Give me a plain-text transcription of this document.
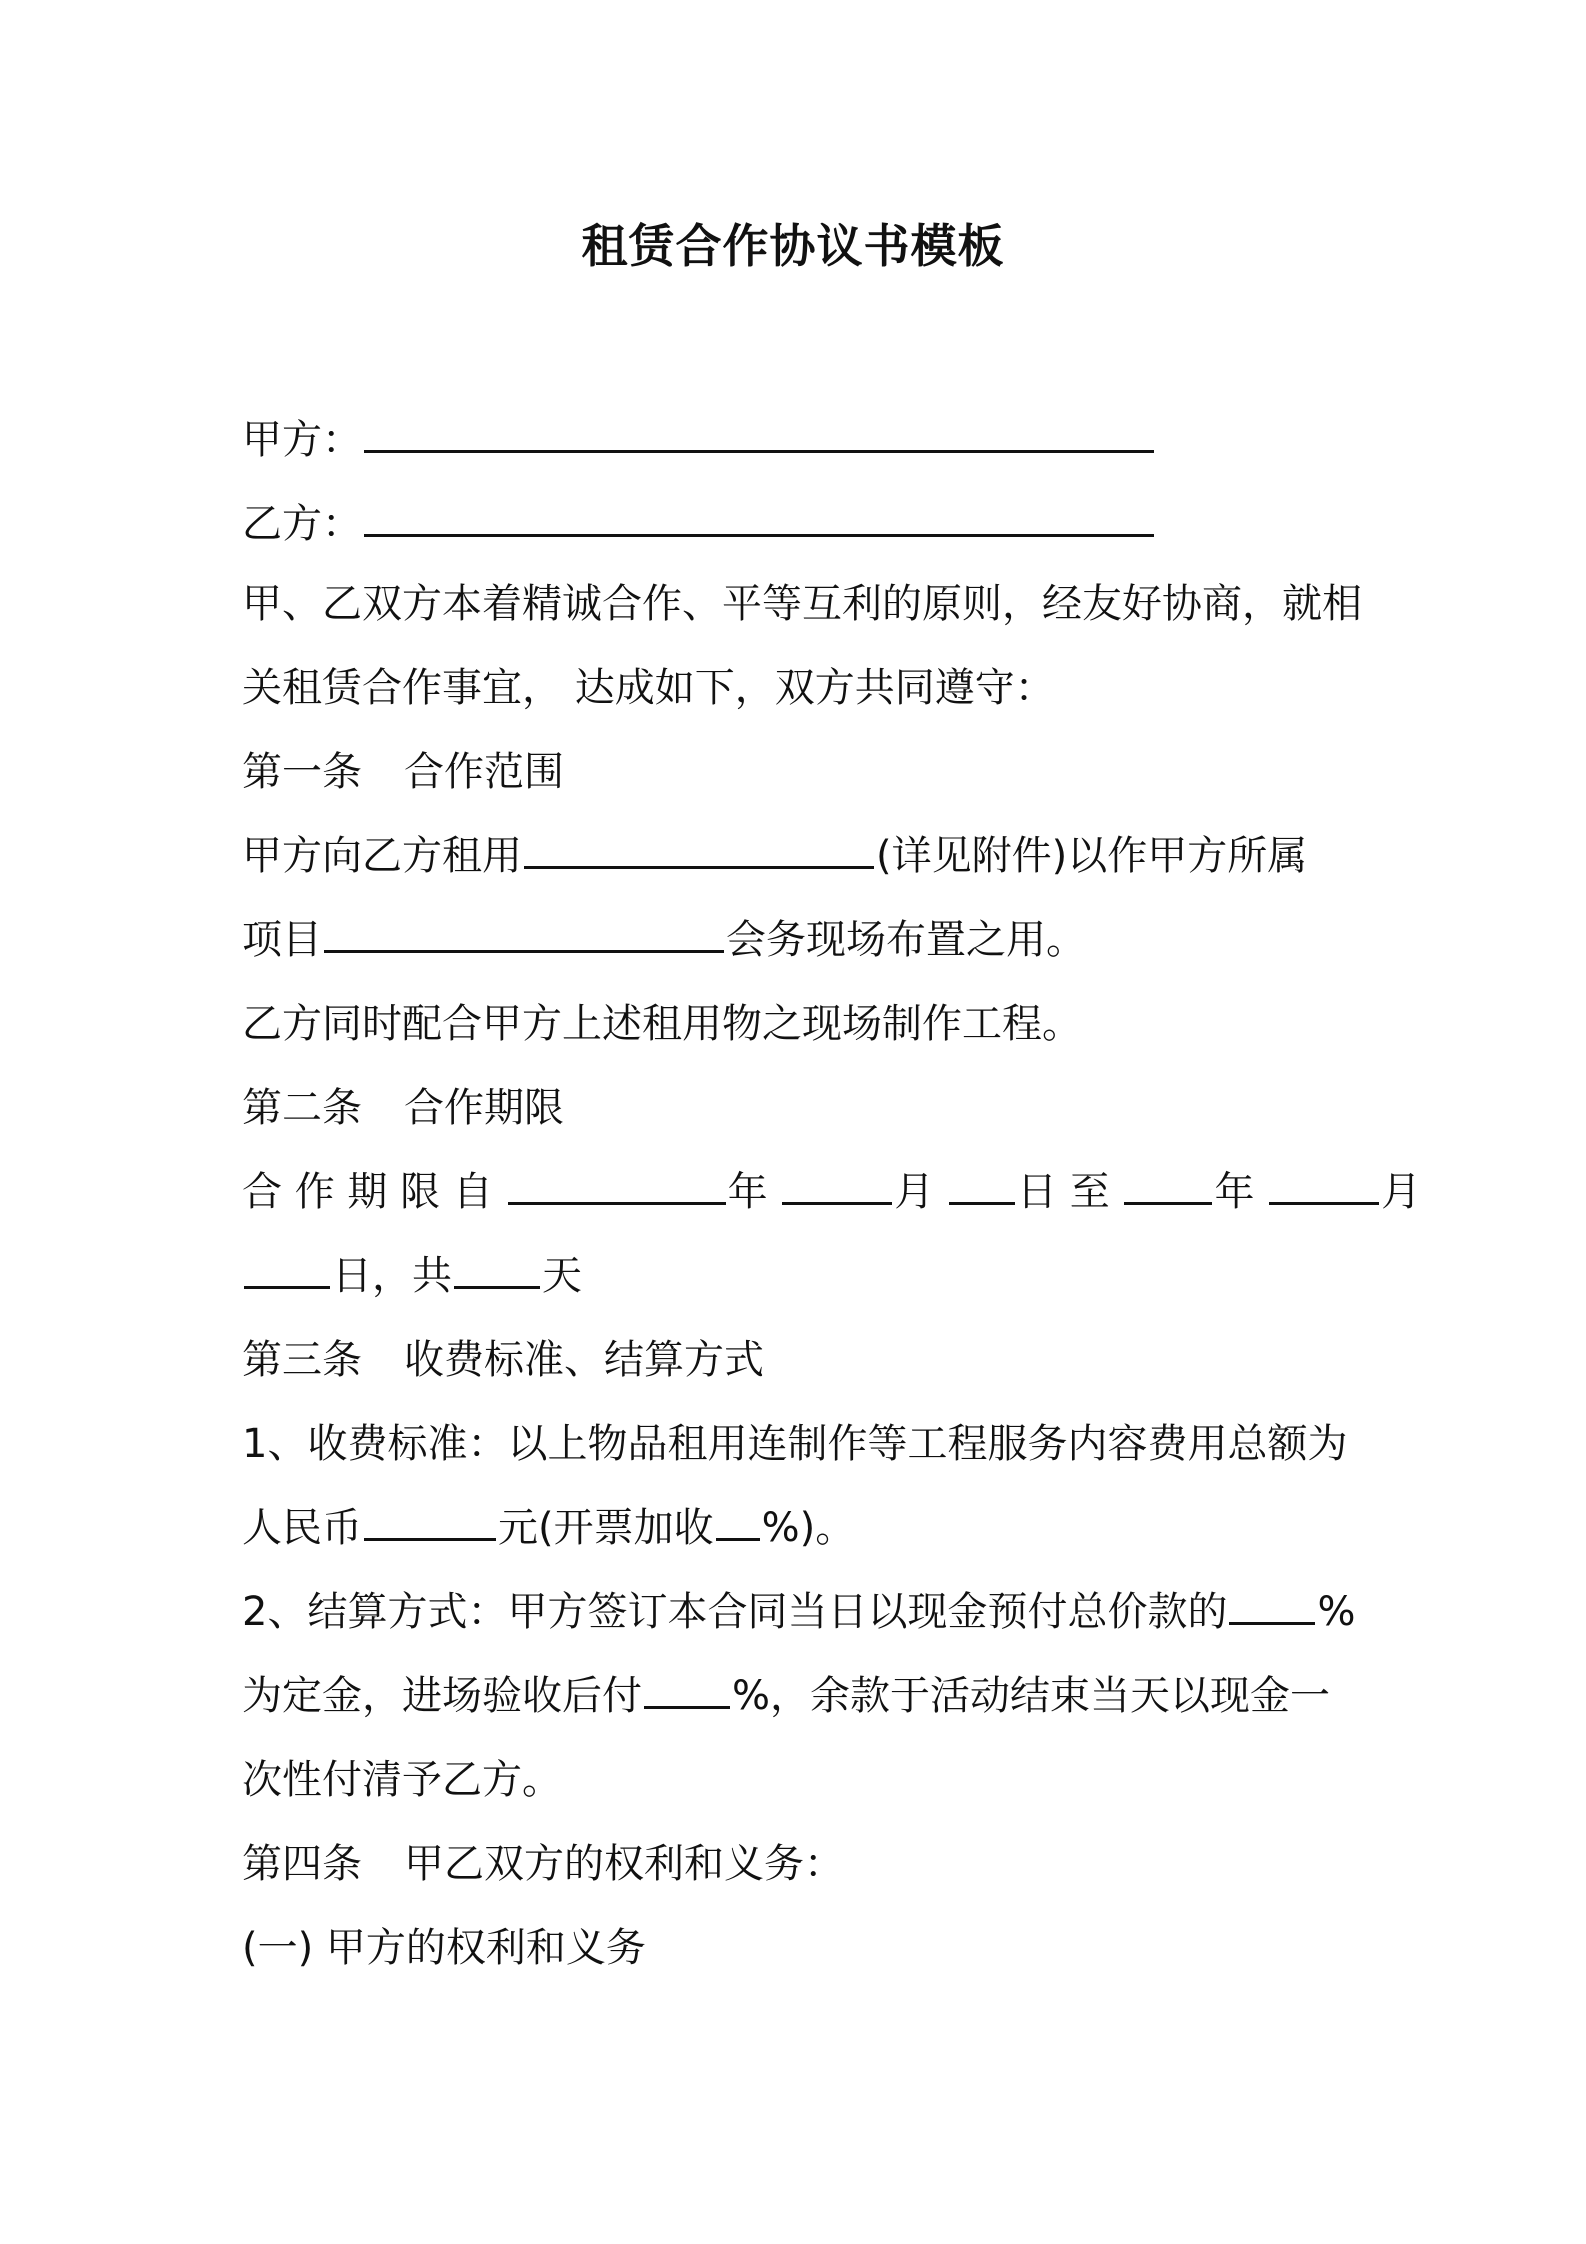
租赁合作协议书模板
甲方：
乙方：
甲、乙双方本着精诚合作、平等互利的原则，经友好协商，就相
关租赁合作事宜， 达成如下，双方共同遵守：
第一条 合作范围
甲方向乙方租用	(详见附件)以作甲方所属
项目	会务现场布置之用。
乙方同时配合甲方上述租用物之现场制作工程。
第二条 合作期限
合 作 期 限 自	年	月 日 至	年	月
日，共 天
第三条 收费标准、结算方式
1、收费标准：以上物品租用连制作等工程服务内容费用总额为
人民币	元(开票加收 %)。
2、结算方式：甲方签订本合同当日以现金预付总价款的 %
为定金，进场验收后付 %，余款于活动结束当天以现金一
次性付清予乙方。
第四条 甲乙双方的权利和义务：
(一) 甲方的权利和义务
